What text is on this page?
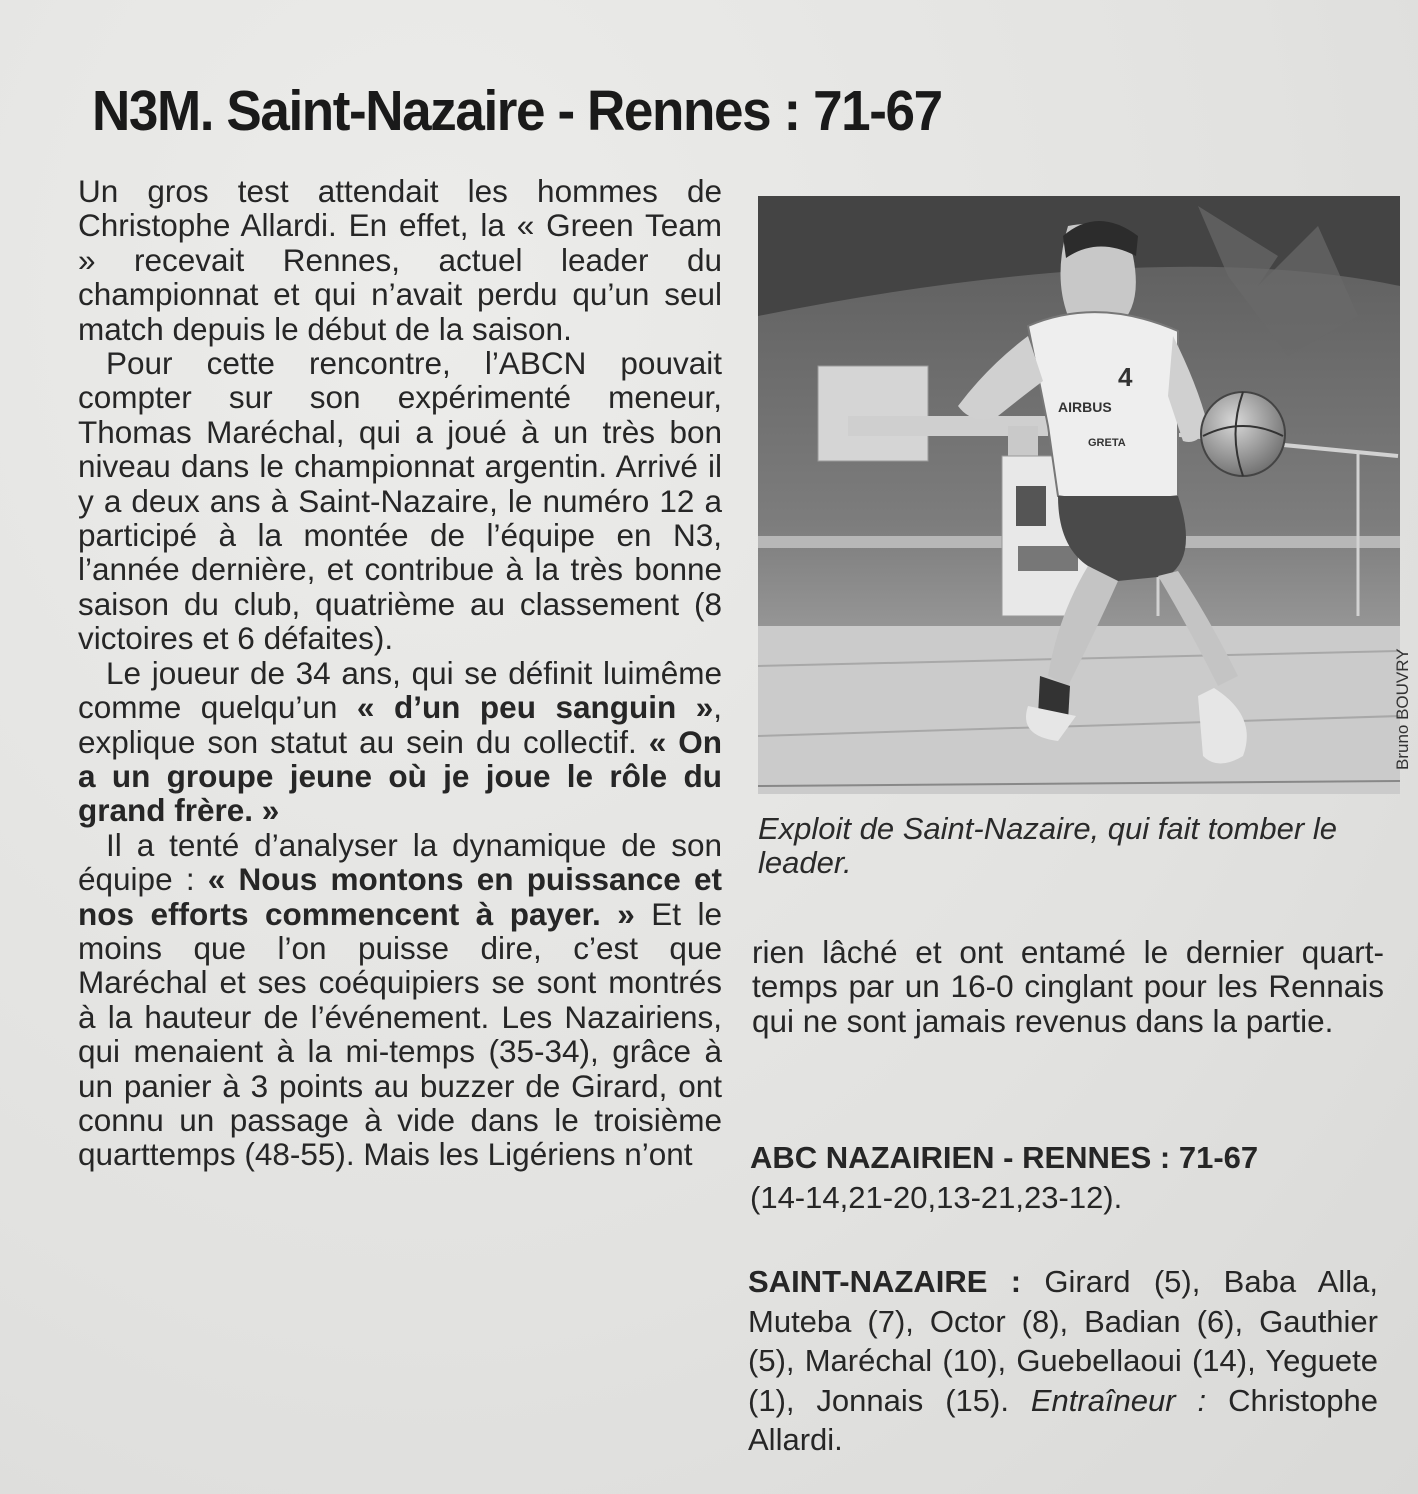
N3M. Saint-Nazaire - Rennes : 71-67

Un gros test attendait les hommes de Christophe Allardi. En effet, la « Green Team » recevait Rennes, actuel leader du championnat et qui n’avait perdu qu’un seul match depuis le début de la saison.

Pour cette rencontre, l’ABCN pouvait compter sur son expérimenté meneur, Thomas Maréchal, qui a joué à un très bon niveau dans le championnat argentin. Arrivé il y a deux ans à Saint-Nazaire, le numéro 12 a participé à la montée de l’équipe en N3, l’année dernière, et contribue à la très bonne saison du club, quatrième au classement (8 victoires et 6 défaites).

Le joueur de 34 ans, qui se définit luimême comme quelqu’un « d’un peu sanguin », explique son statut au sein du collectif. « On a un groupe jeune où je joue le rôle du grand frère. »

Il a tenté d’analyser la dynamique de son équipe : « Nous montons en puissance et nos efforts commencent à payer. » Et le moins que l’on puisse dire, c’est que Maréchal et ses coéquipiers se sont montrés à la hauteur de l’événement. Les Nazairiens, qui menaient à la mi-temps (35-34), grâce à un panier à 3 points au buzzer de Girard, ont connu un passage à vide dans le troisième quarttemps (48-55). Mais les Ligériens n’ont

4
AIRBUS
GRETA
Bruno BOUVRY
Exploit de Saint-Nazaire, qui fait tomber le leader.

rien lâché et ont entamé le dernier quarttemps par un 16-0 cinglant pour les Rennais qui ne sont jamais revenus dans la partie.

ABC NAZAIRIEN - RENNES : 71-67
(14-14,21-20,13-21,23-12).
SAINT-NAZAIRE : Girard (5), Baba Alla, Muteba (7), Octor (8), Badian (6), Gauthier (5), Maréchal (10), Guebellaoui (14), Yeguete (1), Jonnais (15). Entraîneur : Christophe Allardi.
